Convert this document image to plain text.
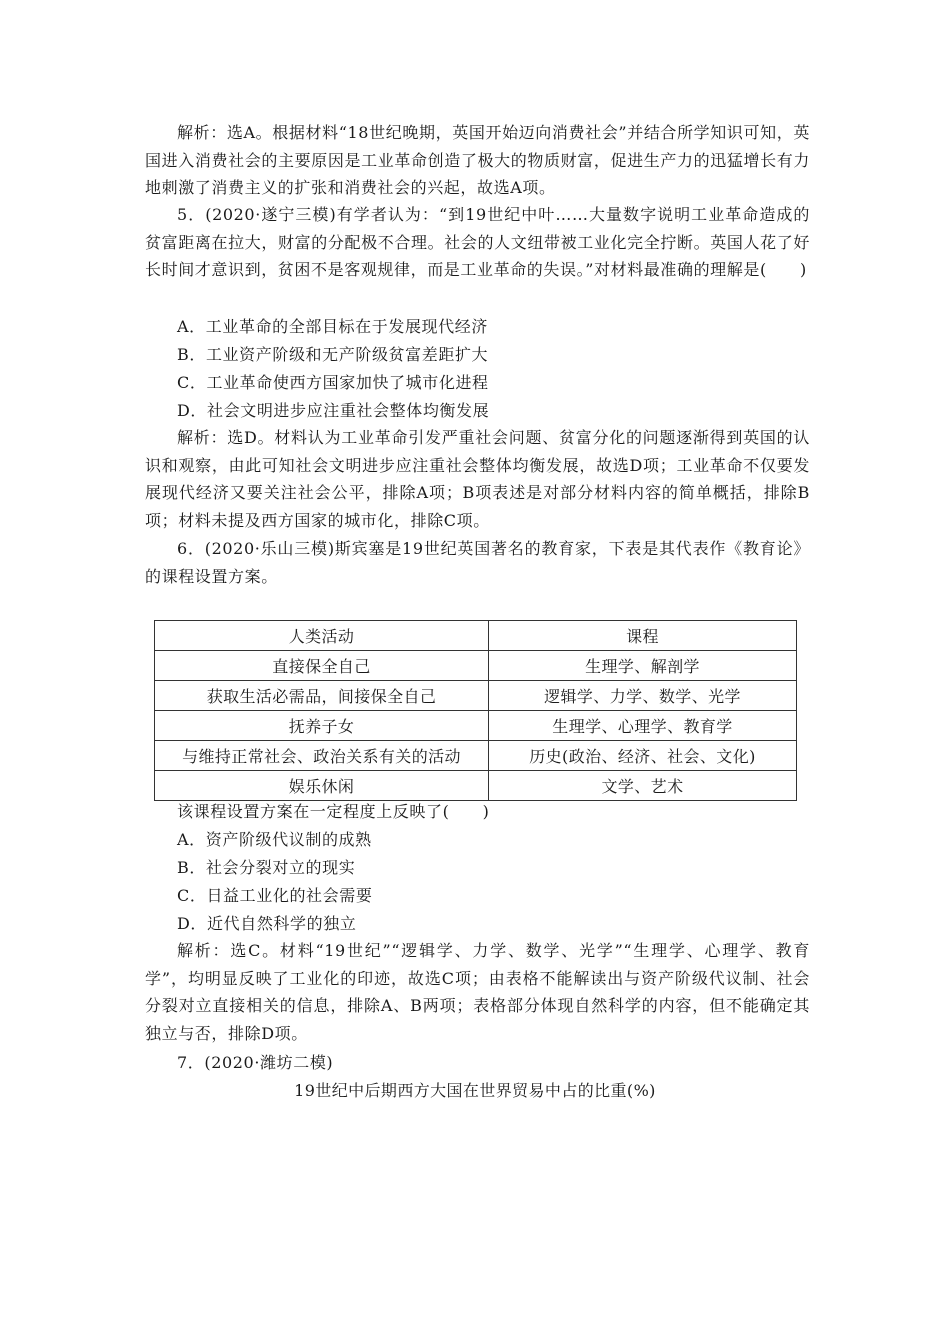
解析：选A。根据材料“18世纪晚期，英国开始迈向消费社会”并结合所学知识可知，英国进入消费社会的主要原因是工业革命创造了极大的物质财富，促进生产力的迅猛增长有力地刺激了消费主义的扩张和消费社会的兴起，故选A项。

5．(2020·遂宁三模)有学者认为：“到19世纪中叶……大量数字说明工业革命造成的贫富距离在拉大，财富的分配极不合理。社会的人文纽带被工业化完全拧断。英国人花了好长时间才意识到，贫困不是客观规律，而是工业革命的失误。”对材料最准确的理解是(　　)

A．工业革命的全部目标在于发展现代经济

B．工业资产阶级和无产阶级贫富差距扩大

C．工业革命使西方国家加快了城市化进程

D．社会文明进步应注重社会整体均衡发展

解析：选D。材料认为工业革命引发严重社会问题、贫富分化的问题逐渐得到英国的认识和观察，由此可知社会文明进步应注重社会整体均衡发展，故选D项；工业革命不仅要发展现代经济又要关注社会公平，排除A项；B项表述是对部分材料内容的简单概括，排除B项；材料未提及西方国家的城市化，排除C项。

6．(2020·乐山三模)斯宾塞是19世纪英国著名的教育家，下表是其代表作《教育论》的课程设置方案。

人类活动	课程
直接保全自己	生理学、解剖学
获取生活必需品，间接保全自己	逻辑学、力学、数学、光学
抚养子女	生理学、心理学、教育学
与维持正常社会、政治关系有关的活动	历史(政治、经济、社会、文化)
娱乐休闲	文学、艺术

该课程设置方案在一定程度上反映了(　　)

A．资产阶级代议制的成熟

B．社会分裂对立的现实

C．日益工业化的社会需要

D．近代自然科学的独立

解析：选C。材料“19世纪”“逻辑学、力学、数学、光学”“生理学、心理学、教育学”，均明显反映了工业化的印迹，故选C项；由表格不能解读出与资产阶级代议制、社会分裂对立直接相关的信息，排除A、B两项；表格部分体现自然科学的内容，但不能确定其独立与否，排除D项。

7．(2020·潍坊二模)

19世纪中后期西方大国在世界贸易中占的比重(%)
